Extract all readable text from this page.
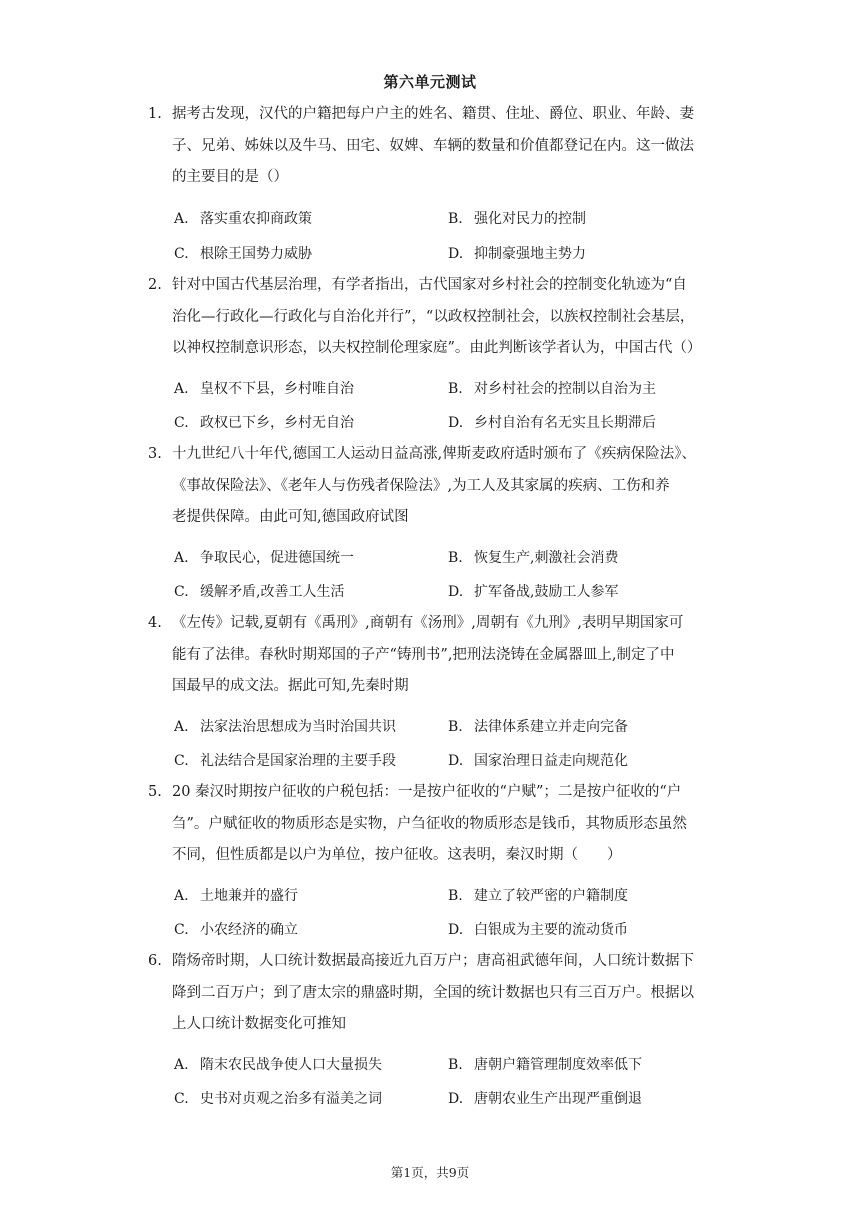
第六单元测试
1. 据考古发现，汉代的户籍把每户户主的姓名、籍贯、住址、爵位、职业、年龄、妻
子、兄弟、姊妹以及牛马、田宅、奴婢、车辆的数量和价值都登记在内。这一做法
的主要目的是（）
A. 落实重农抑商政策	B. 强化对民力的控制
C. 根除王国势力威胁	D. 抑制豪强地主势力
2. 针对中国古代基层治理，有学者指出，古代国家对乡村社会的控制变化轨迹为“自
治化—行政化—行政化与自治化并行”，“以政权控制社会，以族权控制社会基层，
以神权控制意识形态，以夫权控制伦理家庭”。由此判断该学者认为，中国古代（）
A. 皇权不下县，乡村唯自治	B. 对乡村社会的控制以自治为主
C. 政权已下乡，乡村无自治	D. 乡村自治有名无实且长期滞后
3. 十九世纪八十年代,德国工人运动日益高涨,俾斯麦政府适时颁布了《疾病保险法》、
《事故保险法》、《老年人与伤残者保险法》,为工人及其家属的疾病、工伤和养
老提供保障。由此可知,德国政府试图
A. 争取民心，促进德国统一	B. 恢复生产,刺激社会消费
C. 缓解矛盾,改善工人生活	D. 扩军备战,鼓励工人参军
4. 《左传》记载,夏朝有《禹刑》,商朝有《汤刑》,周朝有《九刑》,表明早期国家可
能有了法律。春秋时期郑国的子产“铸刑书”,把刑法浇铸在金属器皿上,制定了中
国最早的成文法。据此可知,先秦时期
A. 法家法治思想成为当时治国共识	B. 法律体系建立并走向完备
C. 礼法结合是国家治理的主要手段	D. 国家治理日益走向规范化
5. 20 秦汉时期按户征收的户税包括：一是按户征收的“户赋”；二是按户征收的“户
刍”。户赋征收的物质形态是实物，户刍征收的物质形态是钱币，其物质形态虽然
不同，但性质都是以户为单位，按户征收。这表明，秦汉时期（　　）
A. 土地兼并的盛行	B. 建立了较严密的户籍制度
C. 小农经济的确立	D. 白银成为主要的流动货币
6. 隋炀帝时期，人口统计数据最高接近九百万户；唐高祖武德年间，人口统计数据下
降到二百万户；到了唐太宗的鼎盛时期，全国的统计数据也只有三百万户。根据以
上人口统计数据变化可推知
A. 隋末农民战争使人口大量损失	B. 唐朝户籍管理制度效率低下
C. 史书对贞观之治多有溢美之词	D. 唐朝农业生产出现严重倒退
第1页，共9页
